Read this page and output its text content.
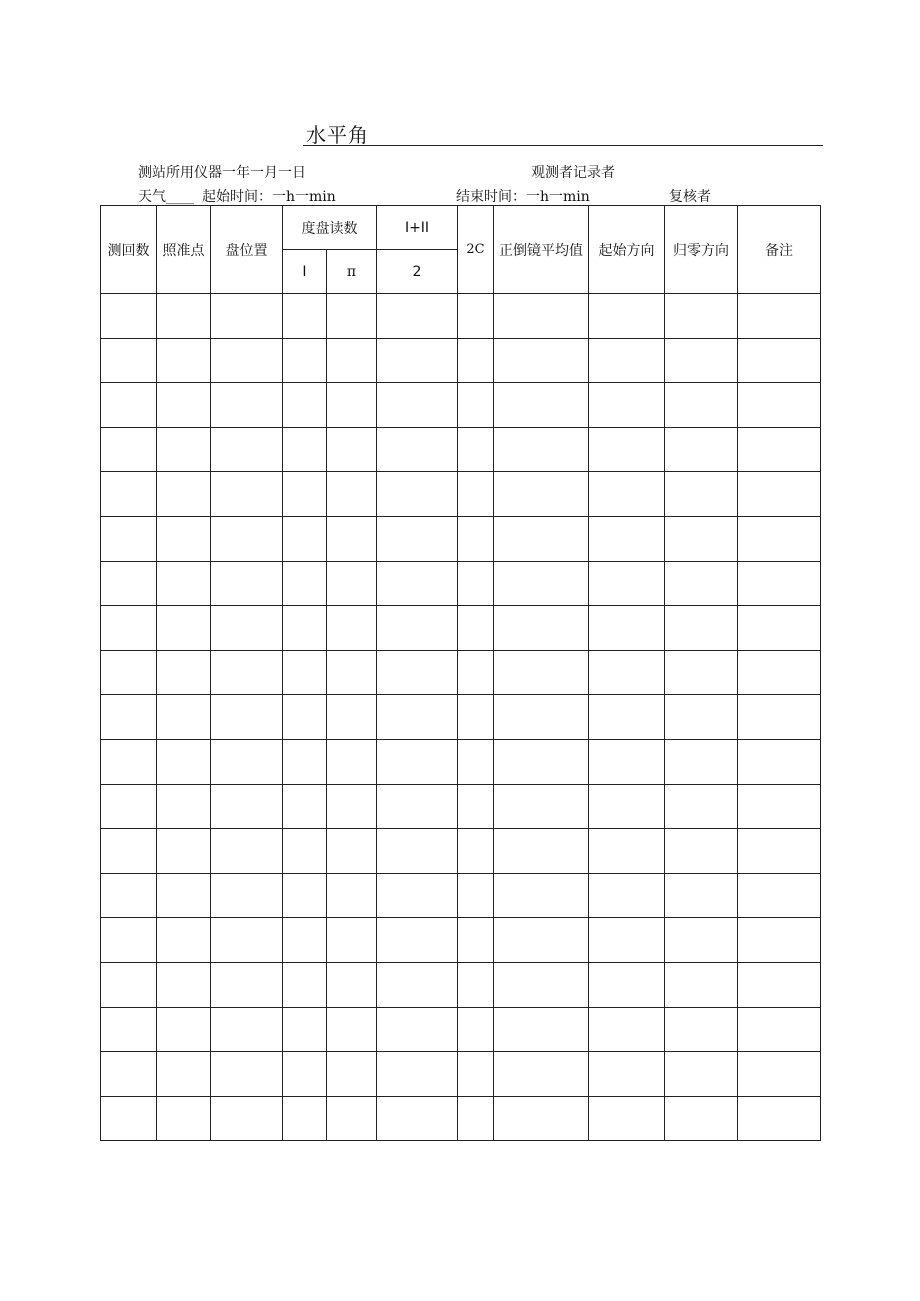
水平角
测站所用仪器一年一月一日	观测者记录者
天气____ 起始时间：一h一min	结束时间：一h一min	复核者
测回数	照准点	盘位置	度盘读数		I+II	2C	正倒镜平均值	起始方向	归零方向	备注
			I	π	2					
